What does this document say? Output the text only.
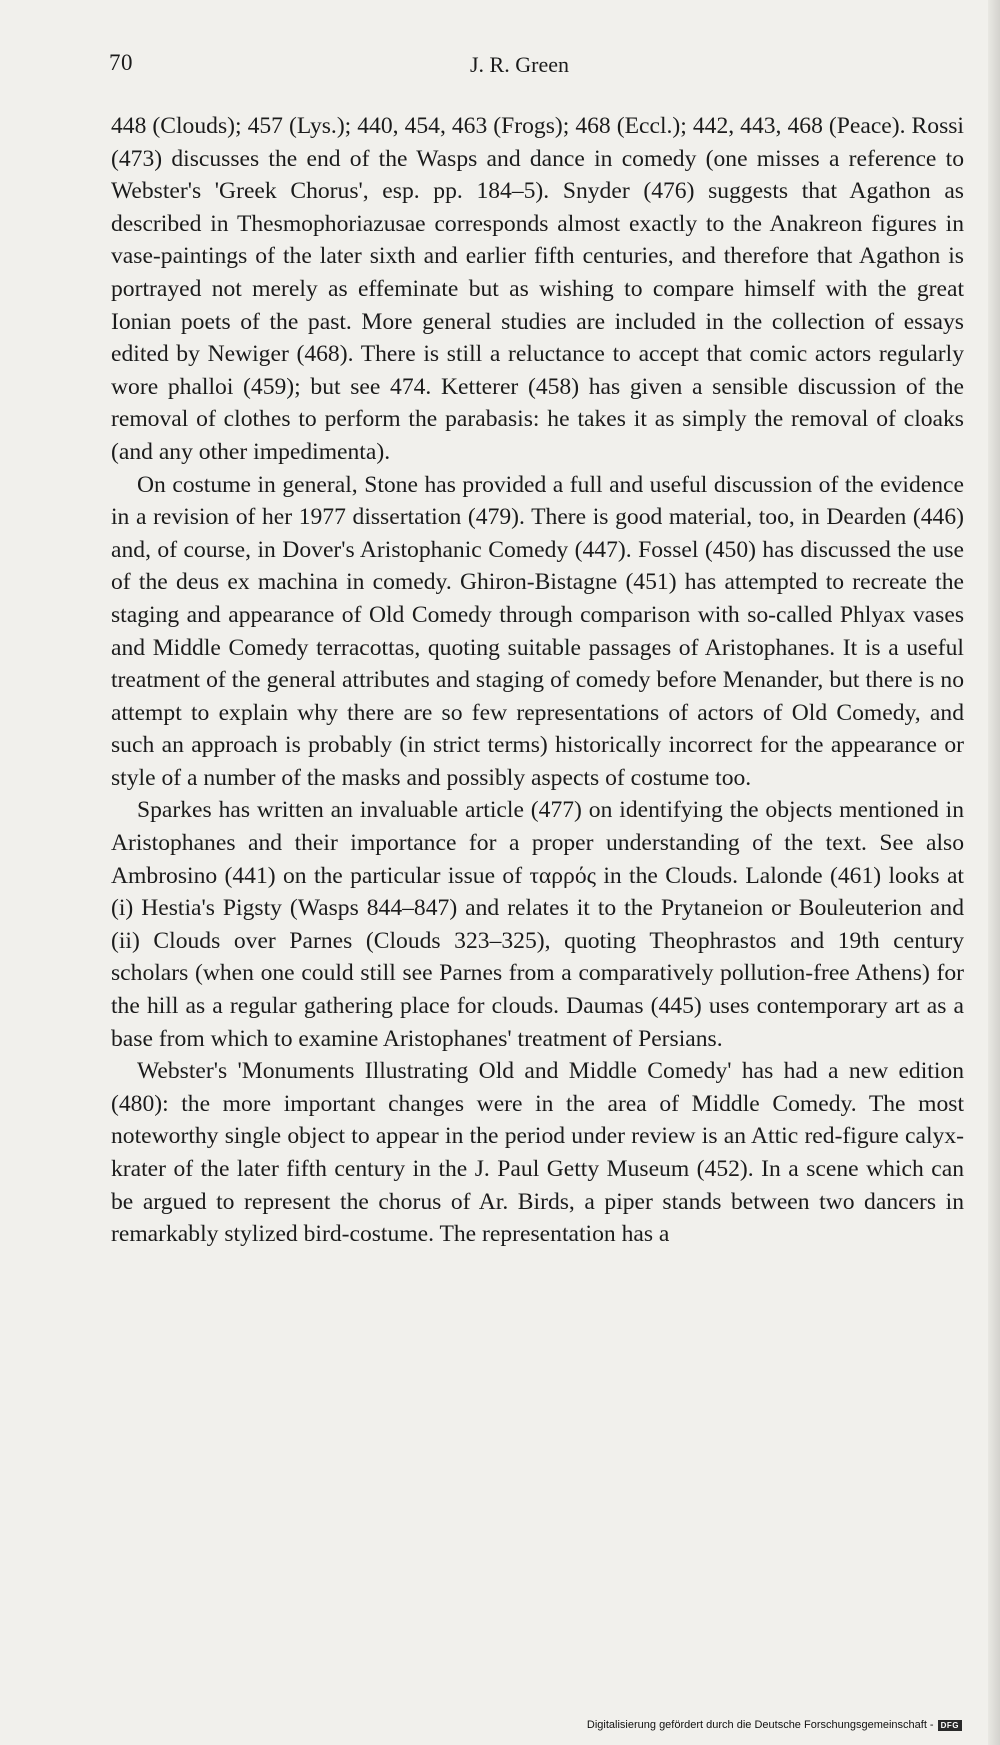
70	J. R. Green

448 (Clouds); 457 (Lys.); 440, 454, 463 (Frogs); 468 (Eccl.); 442, 443, 468 (Peace). Rossi (473) discusses the end of the Wasps and dance in comedy (one misses a reference to Webster's 'Greek Chorus', esp. pp. 184–5). Snyder (476) suggests that Agathon as described in Thesmophoriazusae corresponds almost exactly to the Anakreon figures in vase-paintings of the later sixth and earlier fifth centuries, and therefore that Agathon is portrayed not merely as effeminate but as wishing to compare himself with the great Ionian poets of the past. More general studies are included in the collection of essays edited by Newiger (468). There is still a reluctance to accept that comic actors regularly wore phalloi (459); but see 474. Ketterer (458) has given a sensible discussion of the removal of clothes to perform the parabasis: he takes it as simply the removal of cloaks (and any other impedimenta).

On costume in general, Stone has provided a full and useful discussion of the evidence in a revision of her 1977 dissertation (479). There is good material, too, in Dearden (446) and, of course, in Dover's Aristophanic Comedy (447). Fossel (450) has discussed the use of the deus ex machina in comedy. Ghiron-Bistagne (451) has attempted to recreate the staging and appearance of Old Comedy through comparison with so-called Phlyax vases and Middle Comedy terracottas, quoting suitable passages of Aristophanes. It is a useful treatment of the general attributes and staging of comedy before Menander, but there is no attempt to explain why there are so few representations of actors of Old Comedy, and such an approach is probably (in strict terms) historically incorrect for the appearance or style of a number of the masks and possibly aspects of costume too.

Sparkes has written an invaluable article (477) on identifying the objects mentioned in Aristophanes and their importance for a proper understanding of the text. See also Ambrosino (441) on the particular issue of ταρρός in the Clouds. Lalonde (461) looks at (i) Hestia's Pigsty (Wasps 844–847) and relates it to the Prytaneion or Bouleuterion and (ii) Clouds over Parnes (Clouds 323–325), quoting Theophrastos and 19th century scholars (when one could still see Parnes from a comparatively pollution-free Athens) for the hill as a regular gathering place for clouds. Daumas (445) uses contemporary art as a base from which to examine Aristophanes' treatment of Persians.

Webster's 'Monuments Illustrating Old and Middle Comedy' has had a new edition (480): the more important changes were in the area of Middle Comedy. The most noteworthy single object to appear in the period under review is an Attic red-figure calyx-krater of the later fifth century in the J. Paul Getty Museum (452). In a scene which can be argued to represent the chorus of Ar. Birds, a piper stands between two dancers in remarkably stylized bird-costume. The representation has a

Digitalisierung gefördert durch die Deutsche Forschungsgemeinschaft - DFG
